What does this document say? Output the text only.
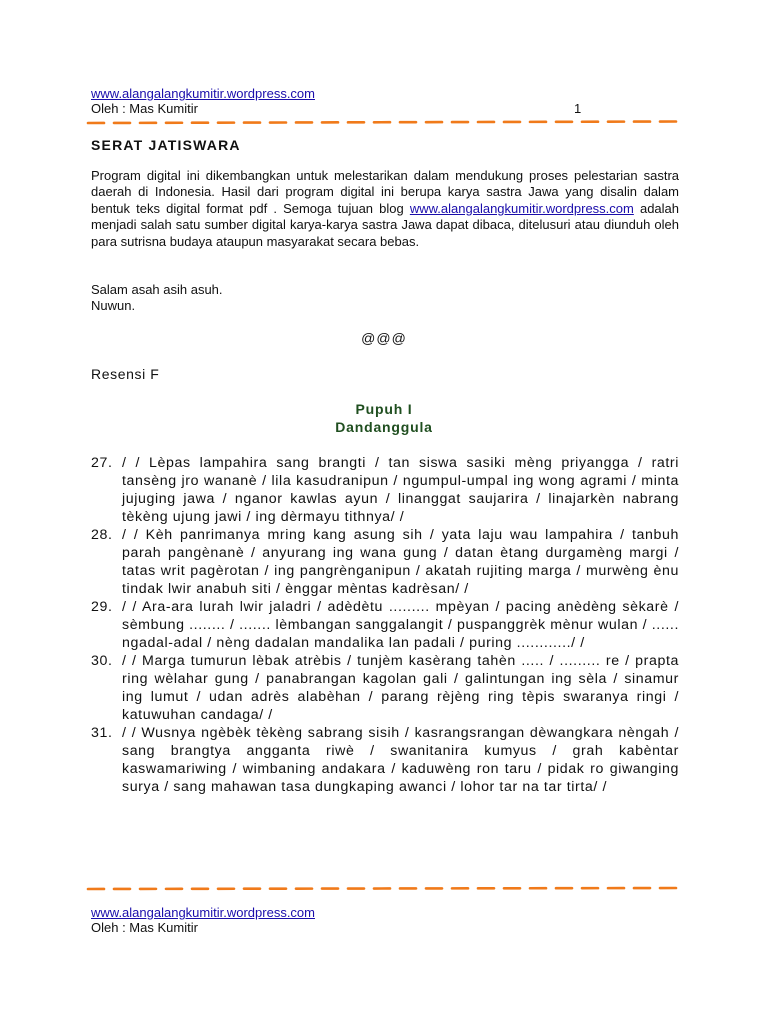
www.alangalangkumitir.wordpress.com
Oleh : Mas Kumitir	1
SERAT JATISWARA

Program digital ini dikembangkan untuk melestarikan dalam mendukung proses pelestarian sastra daerah di Indonesia. Hasil dari program digital ini berupa karya sastra Jawa yang disalin dalam bentuk teks digital format pdf . Semoga tujuan blog www.alangalangkumitir.wordpress.com adalah menjadi salah satu sumber digital karya-karya sastra Jawa dapat dibaca, ditelusuri atau diunduh oleh para sutrisna budaya ataupun masyarakat secara bebas.

Salam asah asih asuh.
Nuwun.
@@@
Resensi F
Pupuh I
Dandanggula
27. / / Lèpas lampahira sang brangti / tan siswa sasiki mèng priyangga / ratri tansèng jro wananè / lila kasudranipun / ngumpul-umpal ing wong agrami / minta jujuging jawa / nganor kawlas ayun / linanggat saujarira / linajarkèn nabrang tèkèng ujung jawi / ing dèrmayu tithnya/ /
28. / / Kèh panrimanya mring kang asung sih / yata laju wau lampahira / tanbuh parah pangènanè / anyurang ing wana gung / datan ètang durgamèng margi / tatas writ pagèrotan / ing pangrènganipun / akatah rujiting marga / murwèng ènu tindak lwir anabuh siti / ènggar mèntas kadrèsan/ /
29. / / Ara-ara lurah lwir jaladri / adèdètu ......... mpèyan / pacing anèdèng sèkarè / sèmbung ........ / ....... lèmbangan sanggalangit / puspanggrèk mènur wulan / ...... ngadal-adal / nèng dadalan mandalika lan padali / puring ............/ /
30. / / Marga tumurun lèbak atrèbis / tunjèm kasèrang tahèn ..... / ......... re / prapta ring wèlahar gung / panabrangan kagolan gali / galintungan ing sèla / sinamur ing lumut / udan adrès alabèhan / parang rèjèng ring tèpis swaranya ringi / katuwuhan candaga/ /
31. / / Wusnya ngèbèk tèkèng sabrang sisih / kasrangsrangan dèwangkara nèngah / sang brangtya angganta riwè / swanitanira kumyus / grah kabèntar kaswamariwing / wimbaning andakara / kaduwèng ron taru / pidak ro giwanging surya / sang mahawan tasa dungkaping awanci / lohor tar na tar tirta/ /
www.alangalangkumitir.wordpress.com
Oleh : Mas Kumitir
